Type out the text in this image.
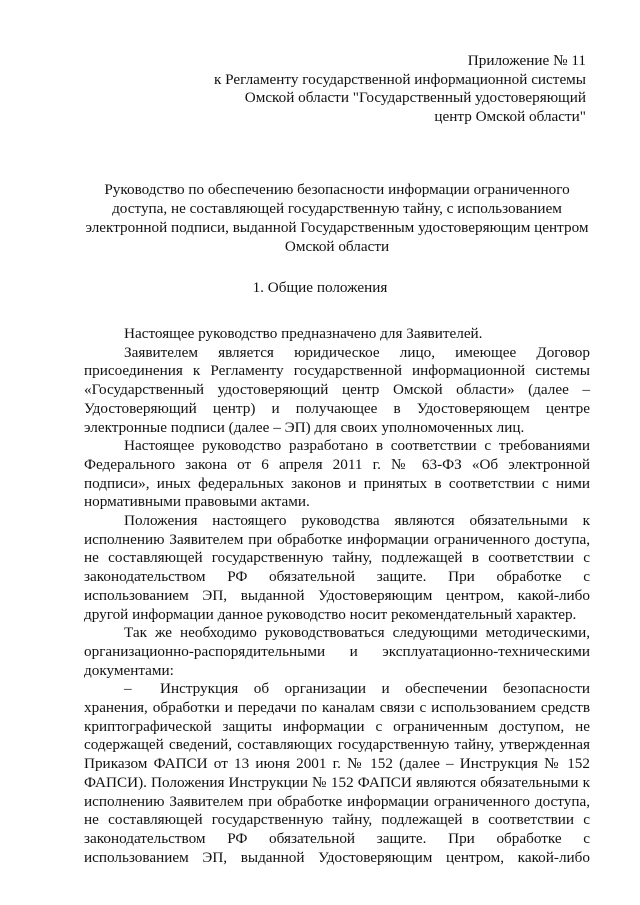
Приложение № 11
к Регламенту государственной информационной системы
Омской области "Государственный удостоверяющий
центр Омской области"
Руководство по обеспечению безопасности информации ограниченного
доступа, не составляющей государственную тайну, с использованием
электронной подписи, выданной Государственным удостоверяющим центром
Омской области
1. Общие положения
Настоящее руководство предназначено для Заявителей.
Заявителем является юридическое лицо, имеющее Договор
присоединения к Регламенту государственной информационной системы
«Государственный удостоверяющий центр Омской области» (далее –
Удостоверяющий центр) и получающее в Удостоверяющем центре
электронные подписи (далее – ЭП) для своих уполномоченных лиц.
Настоящее руководство разработано в соответствии с требованиями
Федерального закона от 6 апреля 2011 г. № 63-ФЗ «Об электронной
подписи», иных федеральных законов и принятых в соответствии с ними
нормативными правовыми актами.
Положения настоящего руководства являются обязательными к
исполнению Заявителем при обработке информации ограниченного доступа,
не составляющей государственную тайну, подлежащей в соответствии с
законодательством РФ обязательной защите. При обработке с
использованием ЭП, выданной Удостоверяющим центром, какой-либо
другой информации данное руководство носит рекомендательный характер.
Так же необходимо руководствоваться следующими методическими,
организационно-распорядительными и эксплуатационно-техническими
документами:
– Инструкция об организации и обеспечении безопасности
хранения, обработки и передачи по каналам связи с использованием средств
криптографической защиты информации с ограниченным доступом, не
содержащей сведений, составляющих государственную тайну, утвержденная
Приказом ФАПСИ от 13 июня 2001 г. № 152 (далее – Инструкция № 152
ФАПСИ). Положения Инструкции № 152 ФАПСИ являются обязательными к
исполнению Заявителем при обработке информации ограниченного доступа,
не составляющей государственную тайну, подлежащей в соответствии с
законодательством РФ обязательной защите. При обработке с
использованием ЭП, выданной Удостоверяющим центром, какой-либо
